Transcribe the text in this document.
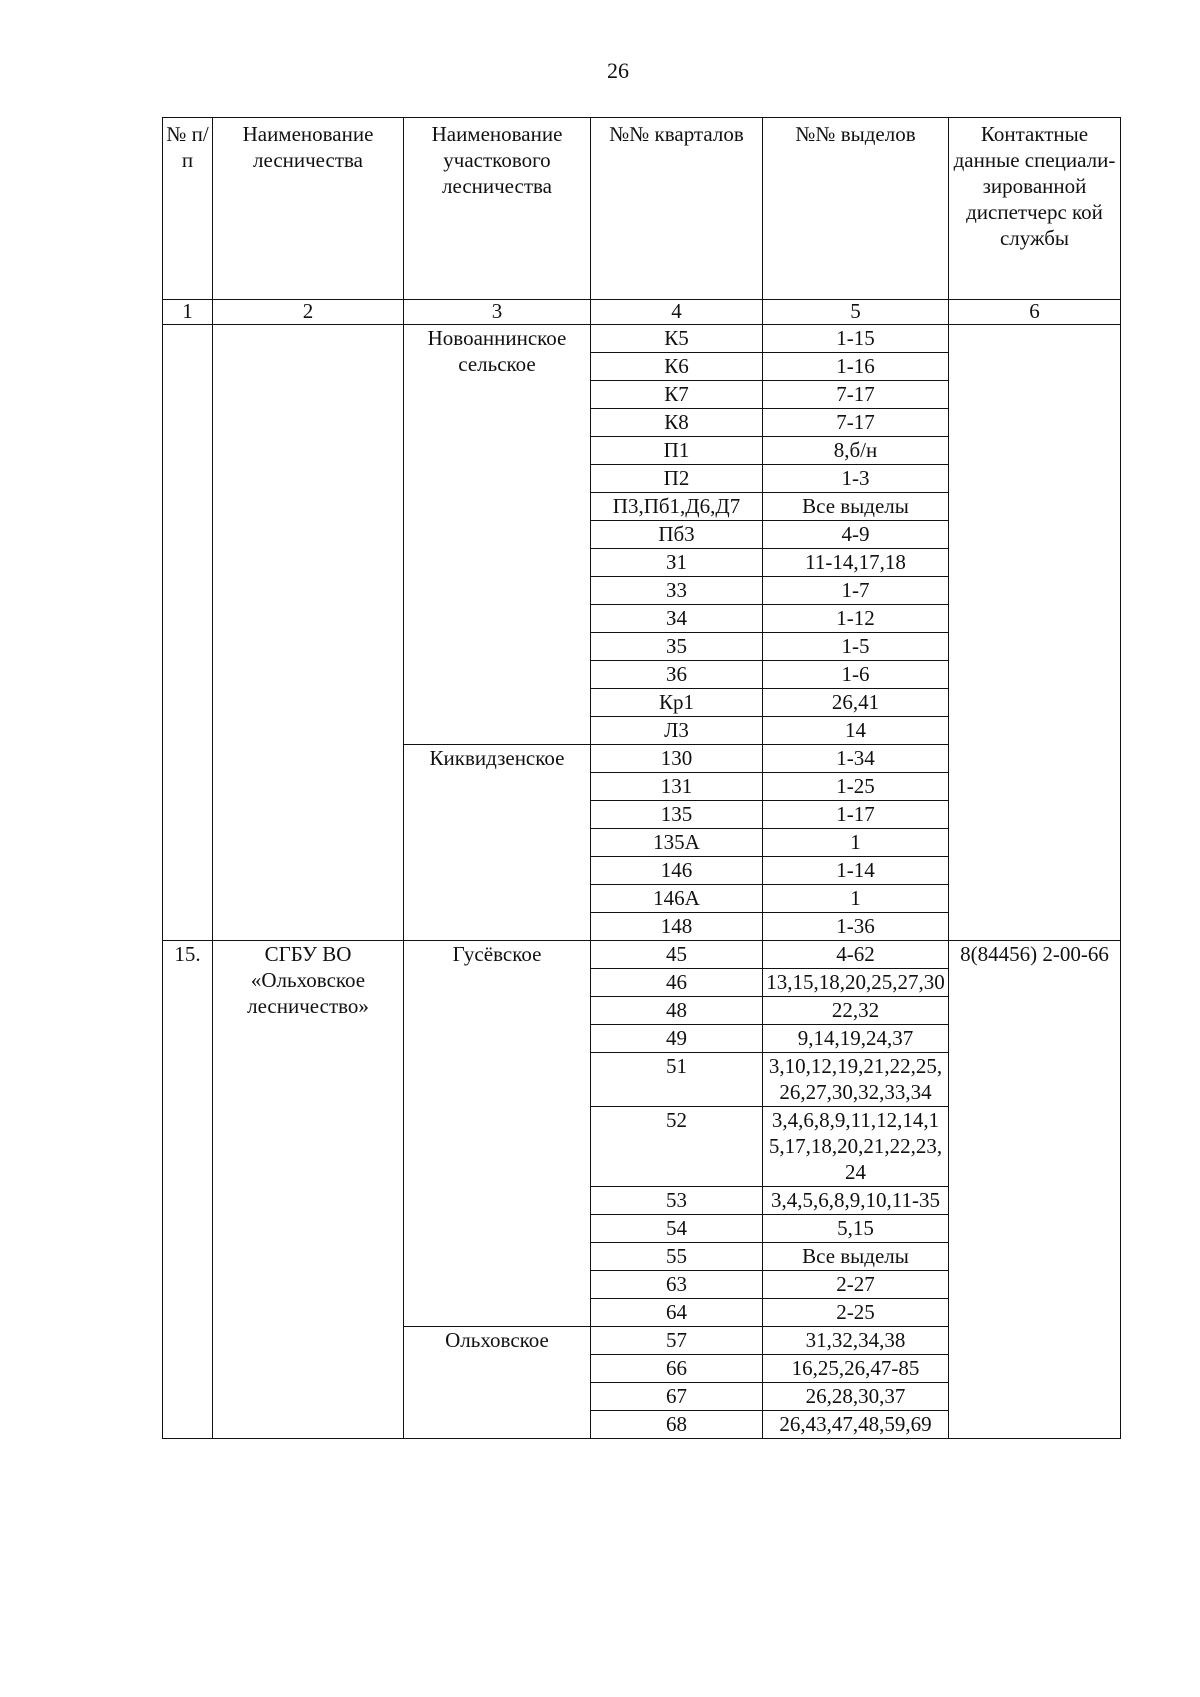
26
№ п/п	Наименование лесничества	Наименование участкового лесничества	№№ кварталов	№№ выделов	Контактные данные специали-зированной диспетчерс кой службы
1	2	3	4	5	6
		Новоаннинское сельское	К5	1-15	
			К6	1-16	
			К7	7-17	
			К8	7-17	
			П1	8,б/н	
			П2	1-3	
			П3,Пб1,Д6,Д7	Все выделы	
			Пб3	4-9	
			З1	11-14,17,18	
			З3	1-7	
			З4	1-12	
			З5	1-5	
			З6	1-6	
			Кр1	26,41	
			Л3	14	
		Киквидзенское	130	1-34	
			131	1-25	
			135	1-17	
			135А	1	
			146	1-14	
			146А	1	
			148	1-36	
15.	СГБУ ВО «Ольховское лесничество»	Гусёвское	45	4-62	8(84456) 2-00-66
			46	13,15,18,20,25,27,30	
			48	22,32	
			49	9,14,19,24,37	
			51	3,10,12,19,21,22,25,26,27,30,32,33,34	
			52	3,4,6,8,9,11,12,14,15,17,18,20,21,22,23,24	
			53	3,4,5,6,8,9,10,11-35	
			54	5,15	
			55	Все выделы	
			63	2-27	
			64	2-25	
		Ольховское	57	31,32,34,38	
			66	16,25,26,47-85	
			67	26,28,30,37	
			68	26,43,47,48,59,69	
